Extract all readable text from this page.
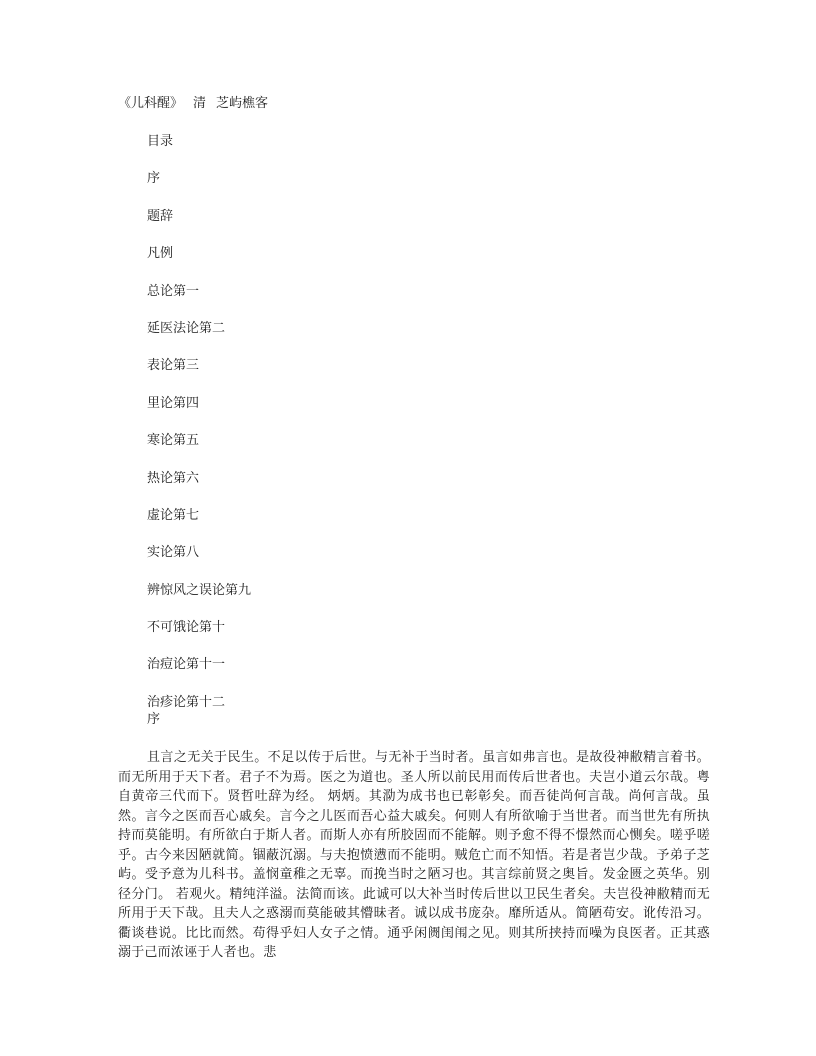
《儿科醒》 清 芝屿樵客
目录
序
题辞
凡例
总论第一
延医法论第二
表论第三
里论第四
寒论第五
热论第六
虚论第七
实论第八
辨惊风之误论第九
不可饿论第十
治痘论第十一
治疹论第十二
序

且言之无关于民生。不足以传于后世。与无补于当时者。虽言如弗言也。是故役神敝精言着书。而无所用于天下者。君子不为焉。医之为道也。圣人所以前民用而传后世者也。夫岂小道云尔哉。粤自黄帝三代而下。贤哲吐辞为经。 炳炳。其泐为成书也已彰彰矣。而吾徒尚何言哉。尚何言哉。虽然。言今之医而吾心戚矣。言今之儿医而吾心益大戚矣。何则人有所欲喻于当世者。而当世先有所执持而莫能明。有所欲白于斯人者。而斯人亦有所胶固而不能解。则予愈不得不憬然而心恻矣。嗟乎嗟乎。古今来因陋就简。锢蔽沉溺。与夫抱愤懑而不能明。贼危亡而不知悟。若是者岂少哉。予弟子芝屿。受予意为儿科书。盖悯童稚之无辜。而挽当时之陋习也。其言综前贤之奥旨。发金匮之英华。别径分门。 若观火。精纯洋溢。法简而该。此诚可以大补当时传后世以卫民生者矣。夫岂役神敝精而无所用于天下哉。且夫人之惑溺而莫能破其懵昧者。诚以成书庞杂。靡所适从。简陋苟安。讹传沿习。衢谈巷说。比比而然。苟得乎妇人女子之情。通乎闲阓闺闱之见。则其所挟持而噪为良医者。正其惑溺于己而浓诬于人者也。悲
